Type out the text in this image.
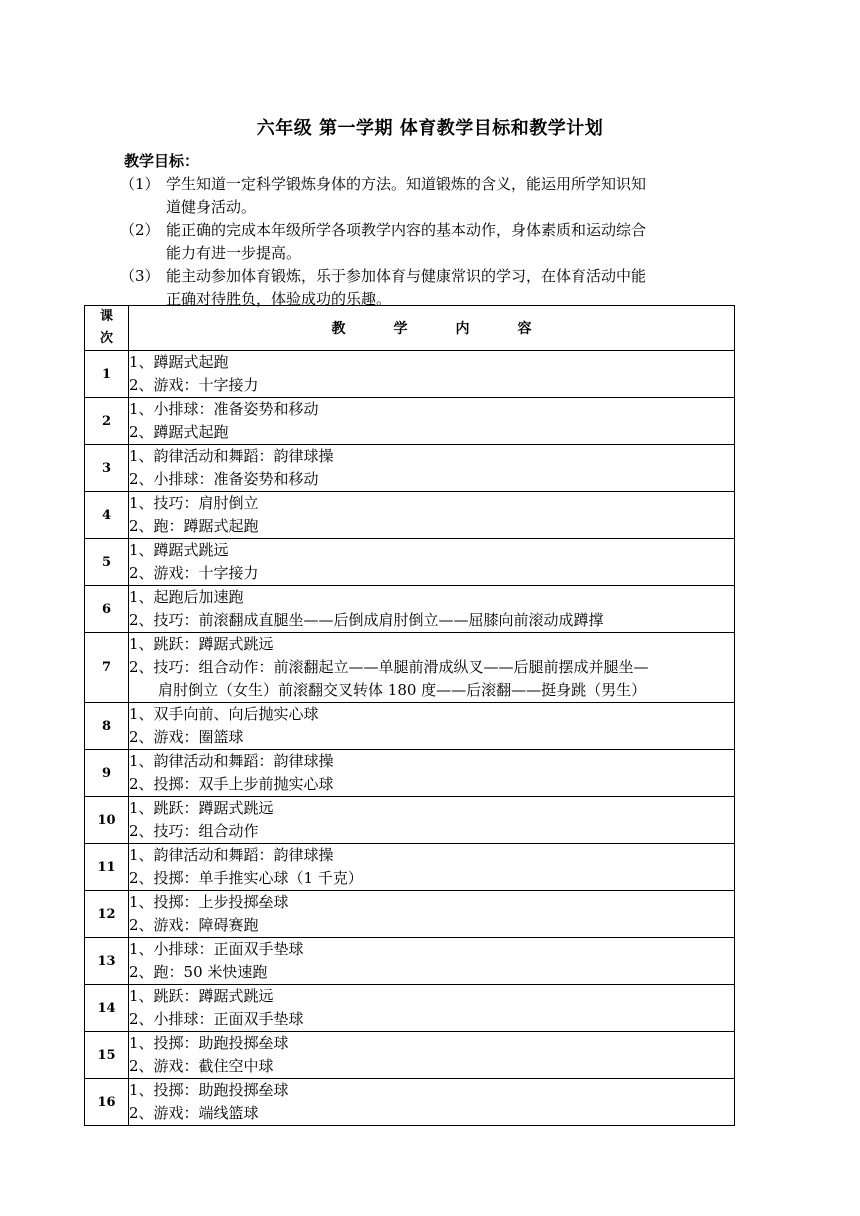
六年级 第一学期 体育教学目标和教学计划
教学目标：
（1） 学生知道一定科学锻炼身体的方法。知道锻炼的含义，能运用所学知识知
道健身活动。
（2） 能正确的完成本年级所学各项教学内容的基本动作，身体素质和运动综合
能力有进一步提高。
（3） 能主动参加体育锻炼，乐于参加体育与健康常识的学习，在体育活动中能
正确对待胜负，体验成功的乐趣。
课
次	教 学 内 容
1	1、蹲踞式起跑
2、游戏：十字接力

2	1、小排球：准备姿势和移动
2、蹲踞式起跑

3	1、韵律活动和舞蹈：韵律球操
2、小排球：准备姿势和移动

4	1、技巧：肩肘倒立
2、跑：蹲踞式起跑

5	1、蹲踞式跳远
2、游戏：十字接力

6	1、起跑后加速跑
2、技巧：前滚翻成直腿坐——后倒成肩肘倒立——屈膝向前滚动成蹲撑

7	1、跳跃：蹲踞式跳远
2、技巧：组合动作：前滚翻起立——单腿前滑成纵叉——后腿前摆成并腿坐—
肩肘倒立（女生）前滚翻交叉转体 180 度——后滚翻——挺身跳（男生）

8	1、双手向前、向后抛实心球
2、游戏：圈篮球

9	1、韵律活动和舞蹈：韵律球操
2、投掷：双手上步前抛实心球

10	1、跳跃：蹲踞式跳远
2、技巧：组合动作

11	1、韵律活动和舞蹈：韵律球操
2、投掷：单手推实心球（1 千克）

12	1、投掷：上步投掷垒球
2、游戏：障碍赛跑

13	1、小排球：正面双手垫球
2、跑：50 米快速跑

14	1、跳跃：蹲踞式跳远
2、小排球：正面双手垫球

15	1、投掷：助跑投掷垒球
2、游戏：截住空中球

16	1、投掷：助跑投掷垒球
2、游戏：端线篮球
